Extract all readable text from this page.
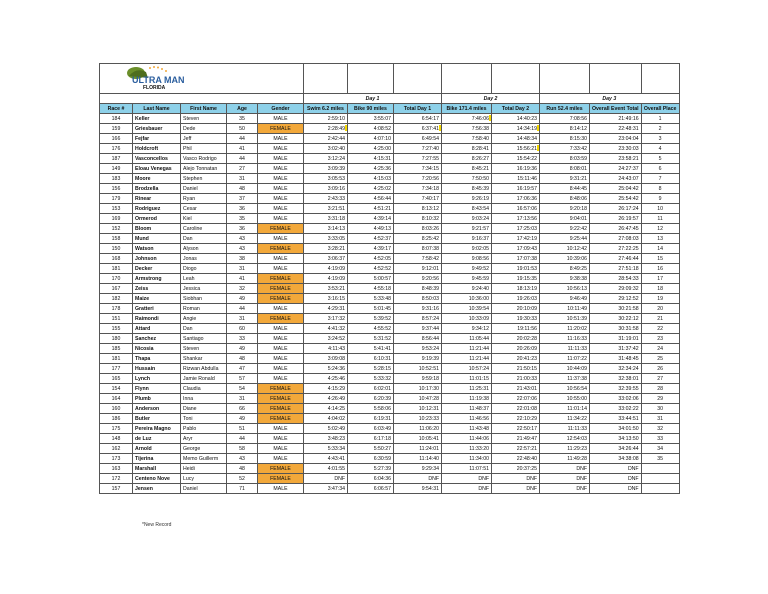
ULTRA MAN
FLORIDA												

					Day 1			Day 2		Day 3		
Race #	Last Name	First Name	Age	Gender	Swim 6.2 miles	Bike 90 miles	Total Day 1	Bike 171.4 miles	Total Day 2	Run 52.4 miles	Overall Event Total	Overall Place
184	Keller	Steven	35	MALE	2:59:10	3:55:07	6:54:17	7:46:06	14:40:23	7:08:56	21:49:16	1
159	Griesbauer	Dede	50	FEMALE	2:28:49	4:08:52	6:37:41	7:56:38	14:34:19	8:14:12	22:48:31	2
166	Fejfar	Jeff	44	MALE	2:42:44	4:07:10	6:49:54	7:58:40	14:48:34	8:15:30	23:04:04	3
176	Holdcroft	Phil	41	MALE	3:02:40	4:25:00	7:27:40	8:28:41	15:56:21	7:33:42	23:30:03	4
187	Vasconcellos	Vasco Rodrigo	44	MALE	3:12:24	4:15:31	7:27:55	8:26:27	15:54:22	8:03:59	23:58:21	5
149	Eloau Venegas	Alejo Tonnatan	27	MALE	3:09:39	4:25:36	7:34:15	8:45:21	16:19:36	8:08:01	24:27:37	6
183	Moore	Stephen	31	MALE	3:05:53	4:15:03	7:20:56	7:50:50	15:11:46	9:31:21	24:43:07	7
156	Brodzella	Daniel	48	MALE	3:09:16	4:25:02	7:34:18	8:45:39	16:19:57	8:44:45	25:04:42	8
179	Rinear	Ryan	37	MALE	2:43:33	4:56:44	7:40:17	9:26:19	17:06:36	8:48:06	25:54:42	9
153	Rodriguez	Cesar	36	MALE	3:21:51	4:51:21	8:13:12	8:43:54	16:57:06	9:20:18	26:17:24	10
169	Ormerod	Kiel	35	MALE	3:31:18	4:39:14	8:10:32	9:03:24	17:13:56	9:04:01	26:19:57	11
152	Bloom	Caroline	36	FEMALE	3:14:13	4:49:13	8:03:26	9:21:57	17:25:03	9:22:42	26:47:45	12
158	Mund	Dan	43	MALE	3:33:05	4:52:37	8:25:42	9:16:37	17:42:19	9:25:44	27:08:03	13
150	Watson	Alyson	43	FEMALE	3:28:21	4:39:17	8:07:38	9:02:05	17:09:43	10:12:42	27:22:25	14
168	Johnson	Jonas	38	MALE	3:06:37	4:52:05	7:58:42	9:08:56	17:07:38	10:39:06	27:46:44	15
181	Decker	Diogo	31	MALE	4:19:09	4:52:52	9:12:01	9:49:52	19:01:53	8:49:25	27:51:18	16
170	Armstrong	Leah	41	FEMALE	4:19:09	5:00:57	9:20:56	9:45:59	19:15:35	9:38:38	28:54:33	17
167	Zeiss	Jessica	32	FEMALE	3:53:21	4:55:18	8:48:39	9:24:40	18:13:19	10:56:13	29:09:32	18
182	Maize	Siobhan	49	FEMALE	3:16:15	5:33:48	8:50:03	10:36:00	19:26:03	9:46:49	29:12:52	19
178	Gratteri	Roman	44	MALE	4:29:31	5:01:45	9:31:16	10:39:54	20:10:09	10:11:49	30:21:58	20
151	Raimondi	Angie	31	FEMALE	3:17:32	5:39:52	8:57:24	10:33:09	19:30:33	10:51:39	30:22:12	21
155	Attard	Dan	60	MALE	4:41:32	4:55:52	9:37:44	9:34:12	19:11:56	11:20:02	30:31:58	22
180	Sanchez	Santiago	33	MALE	3:24:52	5:31:52	8:56:44	11:05:44	20:02:28	11:16:33	31:19:01	23
185	Nicosia	Steven	49	MALE	4:11:43	5:41:41	9:53:24	11:21:44	20:26:09	11:11:33	31:37:42	24
181	Thapa	Shankar	48	MALE	3:09:08	6:10:31	9:19:39	11:21:44	20:41:23	11:07:22	31:48:45	25
177	Hussain	Rizwan Abdulla	47	MALE	5:24:36	5:28:15	10:52:51	10:57:24	21:50:15	10:44:09	32:34:24	26
165	Lynch	Jamie Ronald	57	MALE	4:25:46	5:33:32	9:59:18	11:01:15	21:00:33	11:37:38	32:38:01	27
154	Flynn	Claudia	54	FEMALE	4:15:29	6:02:01	10:17:30	11:25:31	21:43:01	10:56:54	32:39:55	28
164	Plumb	Inna	31	FEMALE	4:26:49	6:20:39	10:47:28	11:19:38	22:07:06	10:55:00	33:02:06	29
160	Anderson	Diane	66	FEMALE	4:14:25	5:58:06	10:12:31	11:48:37	22:01:08	11:01:14	33:02:22	30
186	Butler	Toni	49	FEMALE	4:04:02	6:19:31	10:23:33	11:46:56	22:10:29	11:34:22	33:44:51	31
175	Pereira Magno	Pablo	51	MALE	5:02:49	6:03:49	11:06:20	11:43:48	22:50:17	11:11:33	34:01:50	32
148	de Luz	Aryr	44	MALE	3:48:23	6:17:18	10:05:41	11:44:06	21:49:47	12:54:03	34:13:50	33
162	Arnold	George	58	MALE	5:33:34	5:50:27	11:24:01	11:33:20	22:57:21	11:29:23	34:26:44	34
173	Tijerina	Memo Guillerm	43	MALE	4:43:41	6:30:59	11:14:40	11:34:00	22:48:40	11:49:28	34:38:08	35
163	Marshall	Heidi	48	FEMALE	4:01:55	5:27:39	9:29:34	11:07:51	20:37:25	DNF	DNF	
172	Centeno Nove	Lucy	52	FEMALE	DNF	6:04:36	DNF	DNF	DNF	DNF	DNF	
157	Jensen	Daniel	71	MALE	3:47:34	6:06:57	9:54:31	DNF	DNF	DNF	DNF	
*New Record
